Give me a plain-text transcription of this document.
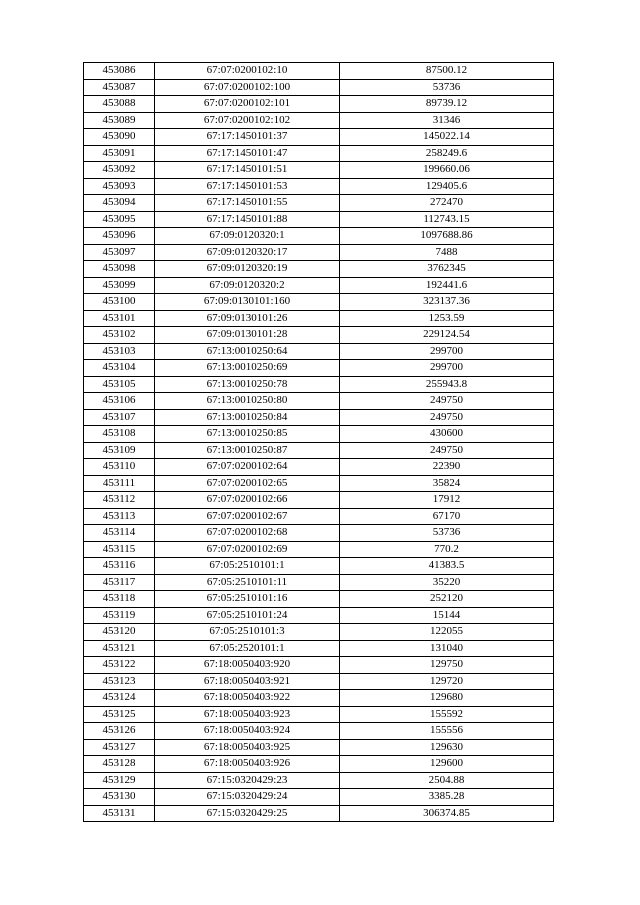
453086	67:07:0200102:10	87500.12
453087	67:07:0200102:100	53736
453088	67:07:0200102:101	89739.12
453089	67:07:0200102:102	31346
453090	67:17:1450101:37	145022.14
453091	67:17:1450101:47	258249.6
453092	67:17:1450101:51	199660.06
453093	67:17:1450101:53	129405.6
453094	67:17:1450101:55	272470
453095	67:17:1450101:88	112743.15
453096	67:09:0120320:1	1097688.86
453097	67:09:0120320:17	7488
453098	67:09:0120320:19	3762345
453099	67:09:0120320:2	192441.6
453100	67:09:0130101:160	323137.36
453101	67:09:0130101:26	1253.59
453102	67:09:0130101:28	229124.54
453103	67:13:0010250:64	299700
453104	67:13:0010250:69	299700
453105	67:13:0010250:78	255943.8
453106	67:13:0010250:80	249750
453107	67:13:0010250:84	249750
453108	67:13:0010250:85	430600
453109	67:13:0010250:87	249750
453110	67:07:0200102:64	22390
453111	67:07:0200102:65	35824
453112	67:07:0200102:66	17912
453113	67:07:0200102:67	67170
453114	67:07:0200102:68	53736
453115	67:07:0200102:69	770.2
453116	67:05:2510101:1	41383.5
453117	67:05:2510101:11	35220
453118	67:05:2510101:16	252120
453119	67:05:2510101:24	15144
453120	67:05:2510101:3	122055
453121	67:05:2520101:1	131040
453122	67:18:0050403:920	129750
453123	67:18:0050403:921	129720
453124	67:18:0050403:922	129680
453125	67:18:0050403:923	155592
453126	67:18:0050403:924	155556
453127	67:18:0050403:925	129630
453128	67:18:0050403:926	129600
453129	67:15:0320429:23	2504.88
453130	67:15:0320429:24	3385.28
453131	67:15:0320429:25	306374.85
